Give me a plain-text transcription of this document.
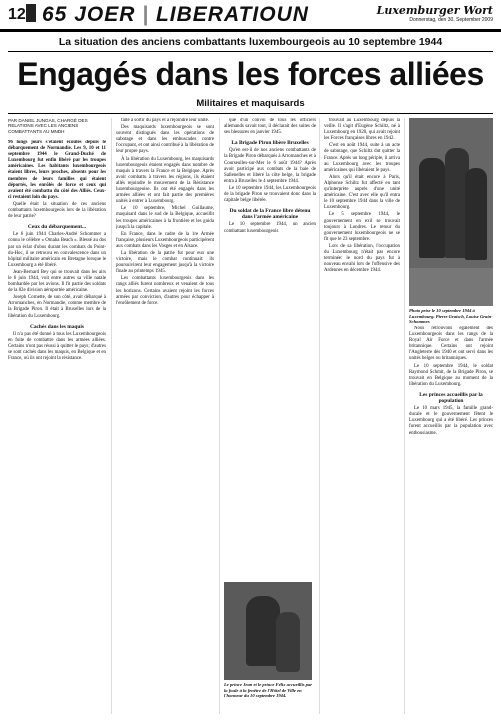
12 65 JOER | LIBERATIOUN	Luxemburger Wort
Donnerstag, den 30. September 2009
La situation des anciens combattants luxembourgeois au 10 septembre 1944
Engagés dans les forces alliées
Militaires et maquisards
PAR DANIEL JUNGAS, CHARGÉ DES RELATIONS AVEC LES ANCIENS COMBATTANTS AU MNDH

96 longs jours s'étaient écoulés depuis le débarquement de Normandie. Les 9, 10 et 11 septembre 1944 le Grand-Duché de Luxembourg fut enfin libéré par les troupes américaines. Les habitants luxembourgeois étaient libres, leurs proches, absents pour les membres de leurs familles qui étaient déportés, les enrôlés de force et ceux qui avaient été combattu du côté des Alliés. Ceux-ci restaient loin du pays.

Quelle était la situation de ces anciens combattants luxembourgeois lors de la libération de leur patrie?

Ceux du débarquement...

Le 6 juin 1944 Charles-André Schommer a connu le célèbre « Omaha Beach ». Blessé au dos par un éclat d'obus durant les combats du Point-du-Hoc, il se retrouva en convalescence dans un hôpital militaire américain en Bretagne lorsque le Luxembourg a été libéré.

Jean-Bernard Bey qui se trouvait dans les airs le 6 juin 1944, voit entre autres sa ville natale bombardée par les avions. Il fit partie des soldats de la 82e division aéroportée américaine.

Joseph Cornette, de son côté, avait débarqué à Arromanches, en Normandie, comme membre de la Brigade Piron. Il était à Bruxelles lors de la libération du Luxembourg.

Cachés dans les maquis

Il n'a pas été donné à tous les Luxembourgeois en fuite de combattre dans les armées alliées. Certains n'ont pas réussi à quitter le pays; d'autres se sont cachés dans les maquis, en Belgique et en France, où ils ont rejoint la résistance.

faite à sortir du pays et à rejoindre leur unité.

Des maquisards luxembourgeois se sont souvent distingués dans les opérations de sabotage et dans les embuscades contre l'occupant, et ont ainsi contribué à la libération de leur propre pays.

À la libération du Luxembourg, les maquisards luxembourgeois étaient engagés dans nombre de maquis à travers la France et la Belgique. Après avoir combattu à travers les régions, ils étaient allés rejoindre le mouvement de la Résistance luxembourgeoise. Ils ont été engagés dans les armées alliées et ont fait partie des premières unités à entrer à Luxembourg.

Le 10 septembre, Michel Guillaume, maquisard dans le sud de la Belgique, accueillit les troupes américaines à la frontière et les guida jusqu'à la capitale.

En France, dans le cadre de la 1re Armée française, plusieurs Luxembourgeois participèrent aux combats dans les Vosges et en Alsace.

La libération de la patrie fut pour eux une victoire, mais le combat continuait: ils poursuivirent leur engagement jusqu'à la victoire finale au printemps 1945.

Les combattants luxembourgeois dans les rangs alliés furent nombreux et venaient de tous les horizons. Certains avaient rejoint les forces armées par conviction, d'autres pour échapper à l'enrôlement de force.

que d'un convoi de tous les officiers allemands savait tout, il déclarait des suites de ses blessures en janvier 1945.

La Brigade Piron libère Bruxelles

Qu'en est-il de nos anciens combattants de la Brigade Piron débarqués à Arromanches et à Courseulles-sur-Mer le 6 août 1944? Après avoir participé aux combats de la baie de Sallenelles et libéré la côte belge, la brigade entra à Bruxelles le 4 septembre 1944.

Le 10 septembre 1944, les Luxembourgeois de la brigade Piron se trouvaient donc dans la capitale belge libérée.

Du soldat de la France libre détenu dans l'armée américaine

Le 10 septembre 1944, un ancien combattant luxembourgeois

Le prince Jean et le prince Félix accueillis par la foule à la fenêtre de l'Hôtel de Ville en l'honneur du 10 septembre 1944.

trouvait au Luxembourg depuis la veille. Il s'agit d'Eugène Schiltz, né à Luxembourg en 1920, qui avait rejoint les Forces françaises libres en 1942.

C'est en août 1944, suite à un acte de sabotage, que Schiltz dut quitter la France. Après un long périple, il arriva au Luxembourg avec les troupes américaines qui libéraient le pays.

Alors qu'il était encore à Paris, Alphonse Schiltz fut affecté en tant qu'interprète auprès d'une unité américaine. C'est avec elle qu'il entra le 10 septembre 1944 dans la ville de Luxembourg.

Le 5 septembre 1944, le gouvernement en exil se trouvait toujours à Londres. Le retour du gouvernement luxembourgeois ne se fit que le 23 septembre.

Lors de sa libération, l'occupation du Luxembourg n'était pas encore terminée: le nord du pays fut à nouveau envahi lors de l'offensive des Ardennes en décembre 1944.

Photo prise le 10 septembre 1944 à Luxembourg. Pierre Graisch, Louise Grain-Schommer.

Nous retrouvons également des Luxembourgeois dans les rangs de la Royal Air Force et dans l'armée britannique. Certains ont rejoint l'Angleterre dès 1940 et ont servi dans les unités belges ou britanniques.

Le 10 septembre 1944, le soldat Raymond Schmit, de la Brigade Piron, se trouvait en Belgique au moment de la libération du Luxembourg.

Les princes accueillis par la population

Le 10 mars 1945, la famille grand-ducale et le gouvernement fêtent le Luxembourg qui a été libéré. Les princes furent accueillis par la population avec enthousiasme.
